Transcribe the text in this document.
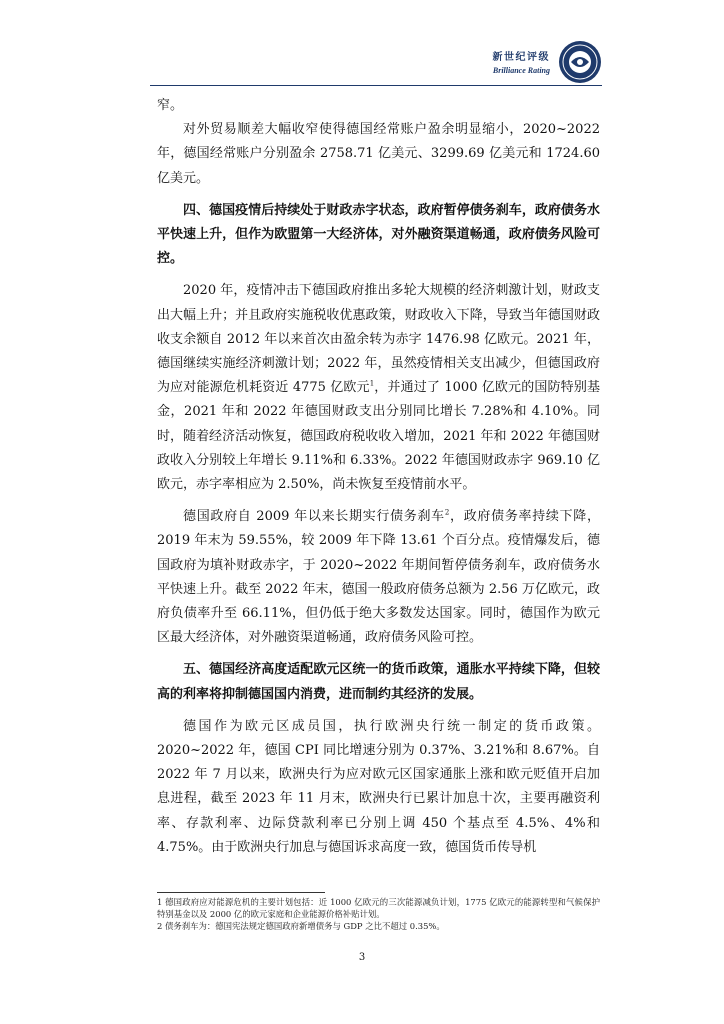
新世纪评级
Brilliance Rating

窄。

对外贸易顺差大幅收窄使得德国经常账户盈余明显缩小，2020~2022 年，德国经常账户分别盈余 2758.71 亿美元、3299.69 亿美元和 1724.60 亿美元。

四、德国疫情后持续处于财政赤字状态，政府暂停债务刹车，政府债务水平快速上升，但作为欧盟第一大经济体，对外融资渠道畅通，政府债务风险可控。

2020 年，疫情冲击下德国政府推出多轮大规模的经济刺激计划，财政支出大幅上升；并且政府实施税收优惠政策，财政收入下降，导致当年德国财政收支余额自 2012 年以来首次由盈余转为赤字 1476.98 亿欧元。2021 年，德国继续实施经济刺激计划；2022 年，虽然疫情相关支出减少，但德国政府为应对能源危机耗资近 4775 亿欧元$^1$，并通过了 1000 亿欧元的国防特别基金，2021 年和 2022 年德国财政支出分别同比增长 7.28%和 4.10%。同时，随着经济活动恢复，德国政府税收收入增加，2021 年和 2022 年德国财政收入分别较上年增长 9.11%和 6.33%。2022 年德国财政赤字 969.10 亿欧元，赤字率相应为 2.50%，尚未恢复至疫情前水平。

德国政府自 2009 年以来长期实行债务刹车$^2$，政府债务率持续下降，2019 年末为 59.55%，较 2009 年下降 13.61 个百分点。疫情爆发后，德国政府为填补财政赤字，于 2020~2022 年期间暂停债务刹车，政府债务水平快速上升。截至 2022 年末，德国一般政府债务总额为 2.56 万亿欧元，政府负债率升至 66.11%，但仍低于绝大多数发达国家。同时，德国作为欧元区最大经济体，对外融资渠道畅通，政府债务风险可控。

五、德国经济高度适配欧元区统一的货币政策，通胀水平持续下降，但较高的利率将抑制德国国内消费，进而制约其经济的发展。

德国作为欧元区成员国，执行欧洲央行统一制定的货币政策。2020~2022 年，德国 CPI 同比增速分别为 0.37%、3.21%和 8.67%。自 2022 年 7 月以来，欧洲央行为应对欧元区国家通胀上涨和欧元贬值开启加息进程，截至 2023 年 11 月末，欧洲央行已累计加息十次，主要再融资利率、存款利率、边际贷款利率已分别上调 450 个基点至 4.5%、4%和 4.75%。由于欧洲央行加息与德国诉求高度一致，德国货币传导机

1 德国政府应对能源危机的主要计划包括：近 1000 亿欧元的三次能源减负计划，1775 亿欧元的能源转型和气候保护特别基金以及 2000 亿的欧元家庭和企业能源价格补贴计划。

2 债务刹车为：德国宪法规定德国政府新增债务与 GDP 之比不超过 0.35%。

3
